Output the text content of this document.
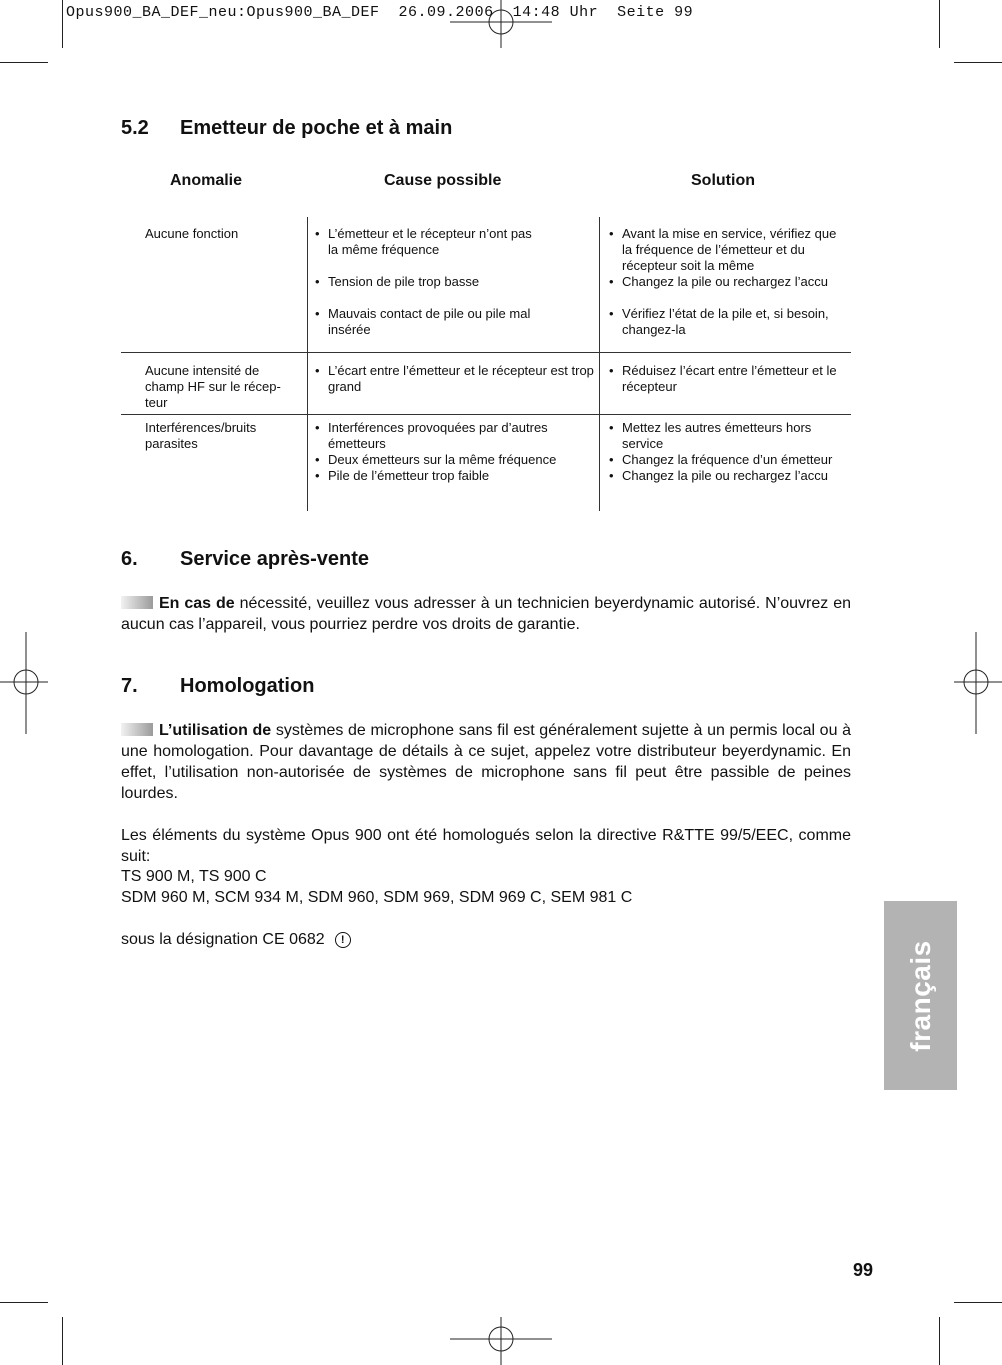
Opus900_BA_DEF_neu:Opus900_BA_DEF  26.09.2006  14:48 Uhr  Seite 99
5.2 Emetteur de poche et à main
Anomalie	Cause possible	Solution
Aucune fonction
•	L’émetteur et le récepteur n’ont pas la même fréquence
• Tension de pile trop basse
• Mauvais contact de pile ou pile mal insérée
• Avant la mise en service, vérifiez que la fréquence de l’émetteur et du récepteur soit la même
• Changez la pile ou rechargez l’accu
• Vérifiez l’état de la pile et, si besoin, changez-la
Aucune intensité de champ HF sur le récep-teur
• L’écart entre l’émetteur et le récepteur est trop grand
• Réduisez l’écart entre l’émetteur et le récepteur
Interférences/bruits parasites
• Interférences provoquées par d’autres émetteurs
• Deux émetteurs sur la même fréquence
• Pile de l’émetteur trop faible
• Mettez les autres émetteurs hors service
• Changez la fréquence d’un émetteur
• Changez la pile ou rechargez l’accu
6. Service après-vente

En cas de nécessité, veuillez vous adresser à un technicien beyerdynamic autorisé. N’ouvrez en aucun cas l’appareil, vous pourriez perdre vos droits de garantie.

7. Homologation

L’utilisation de systèmes de microphone sans fil est généralement sujette à un permis local ou à une homologation. Pour davantage de détails à ce sujet, appelez votre distributeur beyerdynamic. En effet, l’utilisation non-autorisée de systèmes de microphone sans fil peut être passible de peines lourdes.

Les éléments du système Opus 900 ont été homologués selon la directive R&TTE 99/5/EEC, comme suit:

TS 900 M, TS 900 C
SDM 960 M, SCM 934 M, SDM 960, SDM 969, SDM 969 C, SEM 981 C
sous la désignation CE 0682 !	français
99
